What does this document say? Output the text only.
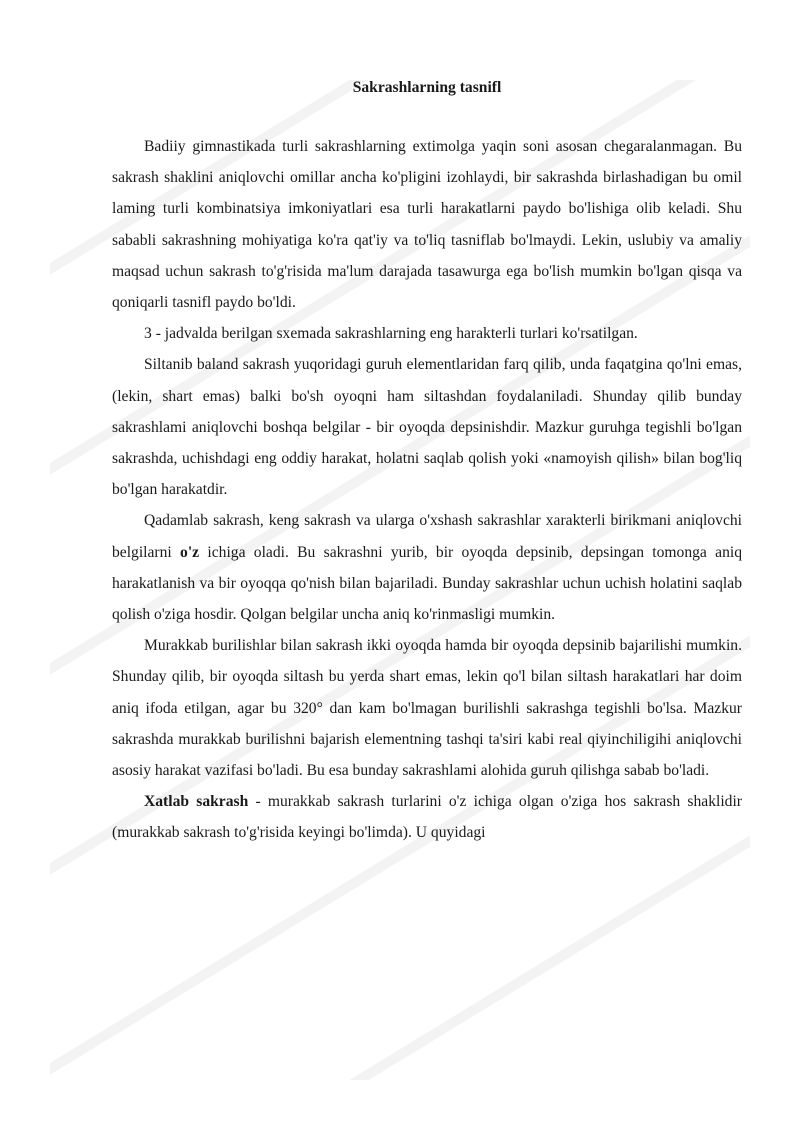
Sakrashlarning tasnifl

Badiiy gimnastikada turli sakrashlarning extimolga yaqin soni asosan chegaralanmagan. Bu sakrash shaklini aniqlovchi omillar ancha ko'pligini izohlaydi, bir sakrashda birlashadigan bu omil laming turli kombinatsiya imkoniyatlari esa turli harakatlarni paydo bo'lishiga olib keladi. Shu sababli sakrashning mohiyatiga ko'ra qat'iy va to'liq tasniflab bo'lmaydi. Lekin, uslubiy va amaliy maqsad uchun sakrash to'g'risida ma'lum darajada tasawurga ega bo'lish mumkin bo'lgan qisqa va qoniqarli tasnifl paydo bo'ldi.

3 - jadvalda berilgan sxemada sakrashlarning eng harakterli turlari ko'rsatilgan.

Siltanib baland sakrash yuqoridagi guruh elementlaridan farq qilib, unda faqatgina qo'lni emas, (lekin, shart emas) balki bo'sh oyoqni ham siltashdan foydalaniladi. Shunday qilib bunday sakrashlami aniqlovchi boshqa belgilar - bir oyoqda depsinishdir. Mazkur guruhga tegishli bo'lgan sakrashda, uchishdagi eng oddiy harakat, holatni saqlab qolish yoki «namoyish qilish» bilan bog'liq bo'lgan harakatdir.

Qadamlab sakrash, keng sakrash va ularga o'xshash sakrashlar xarakterli birikmani aniqlovchi belgilarni o'z ichiga oladi. Bu sakrashni yurib, bir oyoqda depsinib, depsingan tomonga aniq harakatlanish va bir oyoqqa qo'nish bilan bajariladi. Bunday sakrashlar uchun uchish holatini saqlab qolish o'ziga hosdir. Qolgan belgilar uncha aniq ko'rinmasligi mumkin.

Murakkab burilishlar bilan sakrash ikki oyoqda hamda bir oyoqda depsinib bajarilishi mumkin. Shunday qilib, bir oyoqda siltash bu yerda shart emas, lekin qo'l bilan siltash harakatlari har doim aniq ifoda etilgan, agar bu 320° dan kam bo'lmagan burilishli sakrashga tegishli bo'lsa. Mazkur sakrashda murakkab burilishni bajarish elementning tashqi ta'siri kabi real qiyinchiligihi aniqlovchi asosiy harakat vazifasi bo'ladi. Bu esa bunday sakrashlami alohida guruh qilishga sabab bo'ladi.

Xatlab sakrash - murakkab sakrash turlarini o'z ichiga olgan o'ziga hos sakrash shaklidir (murakkab sakrash to'g'risida keyingi bo'limda). U quyidagi
